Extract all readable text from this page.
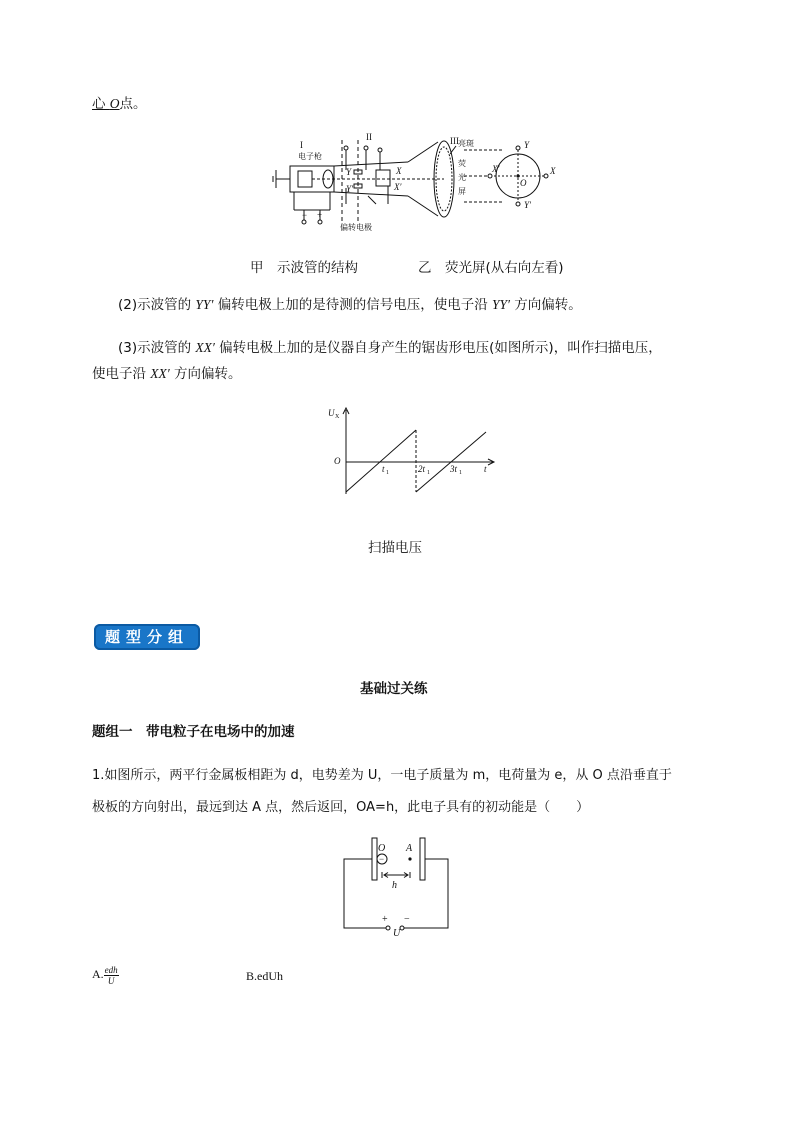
心 O点。
I
电子枪
II
Y
Y′
X
X′
− +
偏转电极
III 亮斑
荧
光
屏
Y
Y′
X
X′
O
甲　示波管的结构	乙　荧光屏(从右向左看)
(2)示波管的 YY′ 偏转电极上加的是待测的信号电压，使电子沿 YY′ 方向偏转。
(3)示波管的 XX′ 偏转电极上加的是仪器自身产生的锯齿形电压(如图所示)，叫作扫描电压，
使电子沿 XX′ 方向偏转。
U X
O
t
t 1	2t 1 3t 1
扫描电压
题型分组
基础过关练
题组一　带电粒子在电场中的加速
1.如图所示，两平行金属板相距为 d，电势差为 U，一电子质量为 m，电荷量为 e，从 O 点沿垂直于
极板的方向射出，最远到达 A 点，然后返回，OA=h，此电子具有的初动能是（　　）
O A
h
U
−
+ −
A. $\frac{\text{edh}}{U}$	B.edUh
